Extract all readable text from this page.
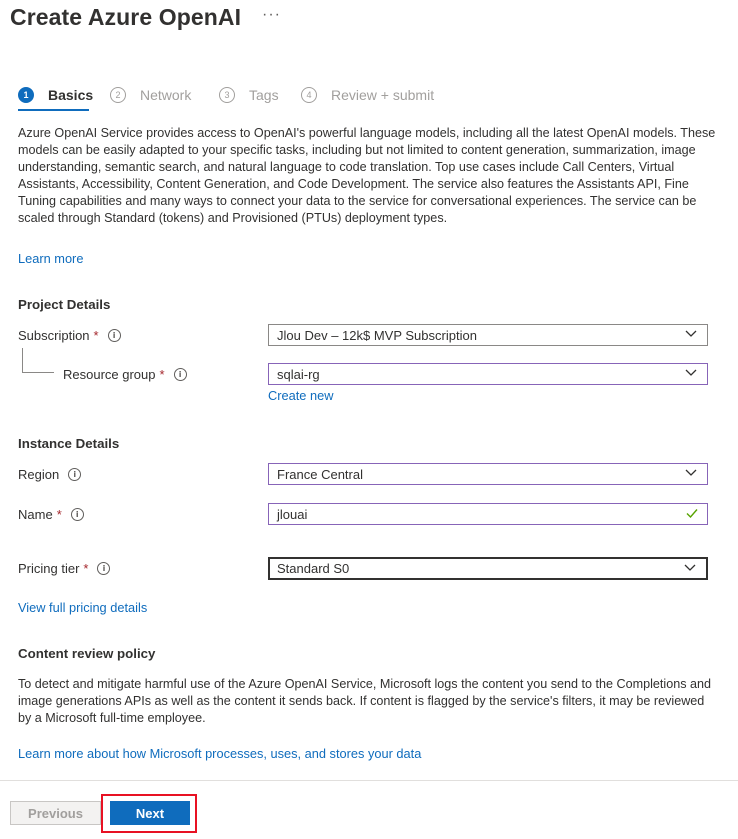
Create Azure OpenAI ···
1	Basics	2	Network	3	Tags	4	Review + submit
Azure OpenAI Service provides access to OpenAI's powerful language models, including all the latest OpenAI models. These models can be easily adapted to your specific tasks, including but not limited to content generation, summarization, image understanding, semantic search, and natural language to code translation. Top use cases include Call Centers, Virtual Assistants, Accessibility, Content Generation, and Code Development. The service also features the Assistants API, Fine Tuning capabilities and many ways to connect your data to the service for conversational experiences. The service can be scaled through Standard (tokens) and Provisioned (PTUs) deployment types.
Learn more
Project Details
Subscription *	i	Jlou Dev – 12k$ MVP Subscription
Resource group *	i	sqlai-rg
Create new
Instance Details
Region	i	France Central
Name *	i	jlouai
Pricing tier *	i	Standard S0
View full pricing details
Content review policy
To detect and mitigate harmful use of the Azure OpenAI Service, Microsoft logs the content you send to the Completions and image generations APIs as well as the content it sends back. If content is flagged by the service's filters, it may be reviewed by a Microsoft full-time employee.
Learn more about how Microsoft processes, uses, and stores your data
Previous	Next
